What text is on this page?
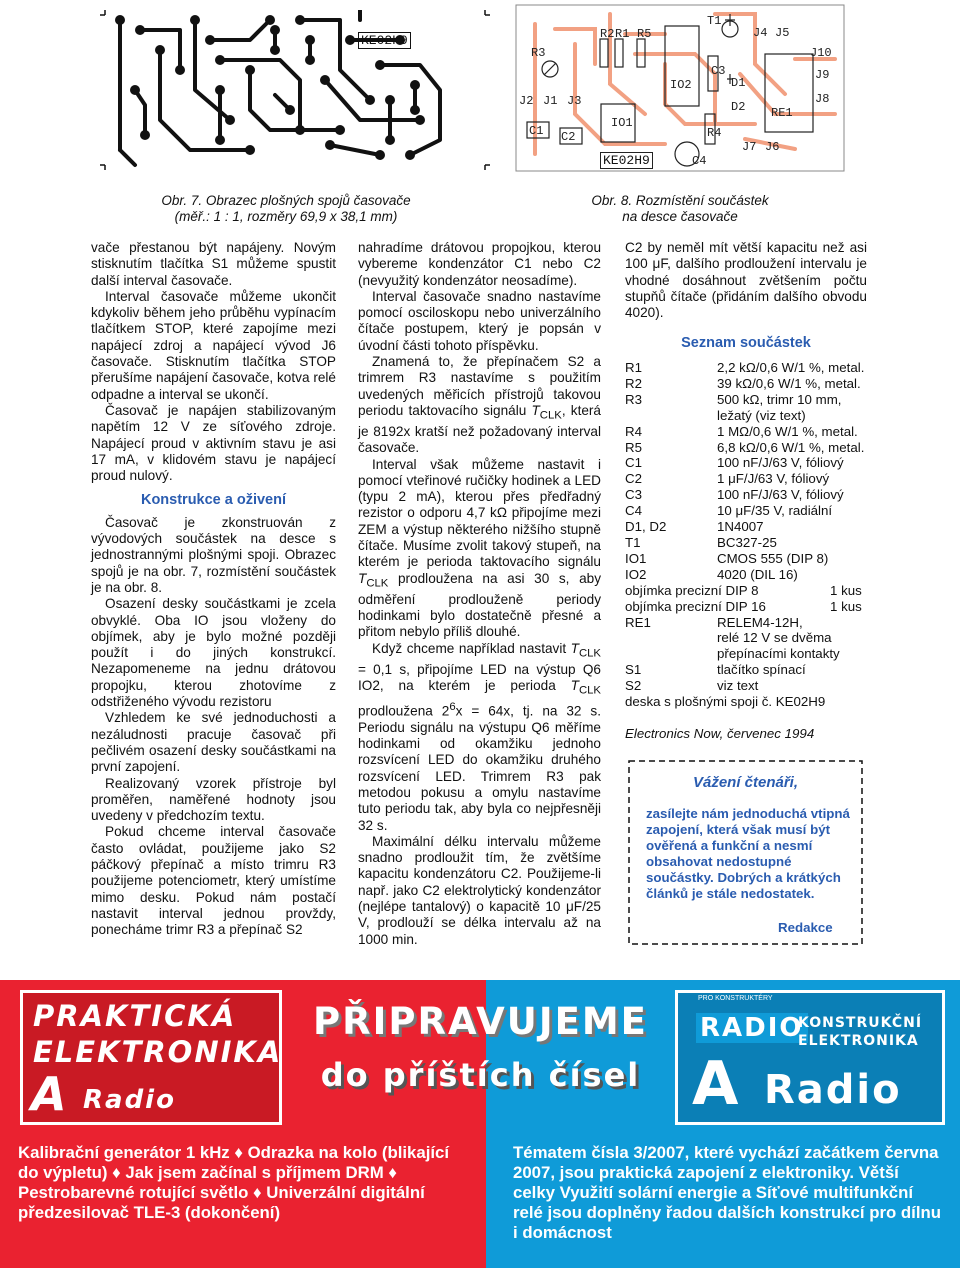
KE02H9
R3
R2 R1 R5
T1
J4 J5
J10
J9
J8
J2 J1 J3
IO2
C3
D1
D2 RE1
C1 C2
IO1
R4
C4
J7 J6
KE02H9
Obr. 7. Obrazec plošných spojů časovače
(měř.: 1 : 1, rozměry 69,9 x 38,1 mm)
Obr. 8. Rozmístění součástek
na desce časovače

vače přestanou být napájeny. Novým stisknutím tlačítka S1 můžeme spustit další interval časovače.

Interval časovače můžeme ukončit kdykoliv během jeho průběhu vypínacím tlačítkem STOP, které zapojíme mezi napájecí zdroj a napájecí vývod J6 časovače. Stisknutím tlačítka STOP přerušíme napájení časovače, kotva relé odpadne a interval se ukončí.

Časovač je napájen stabilizovaným napětím 12 V ze síťového zdroje. Napájecí proud v aktivním stavu je asi 17 mA, v klidovém stavu je napájecí proud nulový.

Konstrukce a oživení

Časovač je zkonstruován z vývodových součástek na desce s jednostrannými plošnými spoji. Obrazec spojů je na obr. 7, rozmístění součástek je na obr. 8.

Osazení desky součástkami je zcela obvyklé. Oba IO jsou vloženy do objímek, aby je bylo možné později použít i do jiných konstrukcí. Nezapomeneme na jednu drátovou propojku, kterou zhotovíme z odstřiženého vývodu rezistoru

Vzhledem ke své jednoduchosti a nezáludnosti pracuje časovač při pečlivém osazení desky součástkami na první zapojení.

Realizovaný vzorek přístroje byl proměřen, naměřené hodnoty jsou uvedeny v předchozím textu.

Pokud chceme interval časovače často ovládat, použijeme jako S2 páčkový přepínač a místo trimru R3 použijeme potenciometr, který umístíme mimo desku. Pokud nám postačí nastavit interval jednou provždy, ponecháme trimr R3 a přepínač S2

nahradíme drátovou propojkou, kterou vybereme kondenzátor C1 nebo C2 (nevyužitý kondenzátor neosadíme).

Interval časovače snadno nastavíme pomocí osciloskopu nebo univerzálního čítače postupem, který je popsán v úvodní části tohoto příspěvku.

Znamená to, že přepínačem S2 a trimrem R3 nastavíme s použitím uvedených měřicích přístrojů takovou periodu taktovacího signálu $T_{CLK}$, která je 8192x kratší než požadovaný interval časovače.

Interval však můžeme nastavit i pomocí vteřinové ručičky hodinek a LED (typu 2 mA), kterou přes předřadný rezistor o odporu 4,7 kΩ připojíme mezi ZEM a výstup některého nižšího stupně čítače. Musíme zvolit takový stupeň, na kterém je perioda taktovacího signálu $T_{CLK}$ prodloužena na asi 30 s, aby odměření prodlouženě periody hodinkami bylo dostatečně přesné a přitom nebylo příliš dlouhé.

Když chceme například nastavit $T_{CLK} = 0,1$ s, připojíme LED na výstup Q6 IO2, na kterém je perioda $T_{CLK}$ prodloužena $2^6x = 64x$, tj. na 32 s. Periodu signálu na výstupu Q6 měříme hodinkami od okamžiku jednoho rozsvícení LED do okamžiku druhého rozsvícení LED. Trimrem R3 pak metodou pokusu a omylu nastavíme tuto periodu tak, aby byla co nejpřesněji 32 s.

Maximální délku intervalu můžeme snadno prodloužit tím, že zvětšíme kapacitu kondenzátoru C2. Použijeme-li např. jako C2 elektrolytický kondenzátor (nejlépe tantalový) o kapacitě 10 μF/25 V, prodlouží se délka intervalu až na 1000 min.

C2 by neměl mít větší kapacitu než asi 100 μF, dalšího prodloužení intervalu je vhodné dosáhnout zvětšením počtu stupňů čítače (přidáním dalšího obvodu 4020).

Seznam součástek
R1	2,2 kΩ/0,6 W/1 %, metal.
R2	39 kΩ/0,6 W/1 %, metal.
R3	500 kΩ, trimr 10 mm,
ležatý (viz text)
R4	1 MΩ/0,6 W/1 %, metal.
R5	6,8 kΩ/0,6 W/1 %, metal.
C1	100 nF/J/63 V, fóliový
C2	1 μF/J/63 V, fóliový
C3	100 nF/J/63 V, fóliový
C4	10 μF/35 V, radiální
D1, D2	1N4007
T1	BC327-25
IO1	CMOS 555 (DIP 8)
IO2	4020 (DIL 16)
objímka precizní DIP 8	1 kus
objímka precizní DIP 16	1 kus
RE1	RELEM4-12H,
relé 12 V se dvěma
přepínacími kontakty
S1	tlačítko spínací
S2	viz text
deska s plošnými spoji č. KE02H9
Electronics Now, červenec 1994
Vážení čtenáři,
zasílejte nám jednoduchá vtipná zapojení, která však musí být ověřená a funkční a nesmí obsahovat nedostupné součástky. Dobrých a krátkých článků je stále nedostatek.
Redakce
PRAKTICKÁ
ELEKTRONIKA
A Radio
PŘIPRAVUJEME
do příštích čísel
PRO KONSTRUKTÉRY
RADIO
KONSTRUKČNÍ
ELEKTRONIKA
A Radio
Kalibrační generátor 1 kHz ♦ Odrazka na kolo (blikající do výpletu) ♦ Jak jsem začínal s příjmem DRM ♦ Pestrobarevné rotující světlo ♦ Univerzální digitální předzesilovač TLE-3 (dokončení)
Tématem čísla 3/2007, které vychází začátkem června 2007, jsou praktická zapojení z elektroniky. Větší celky Využití solární energie a Síťové multifunkční relé jsou doplněny řadou dalších konstrukcí pro dílnu i domácnost
